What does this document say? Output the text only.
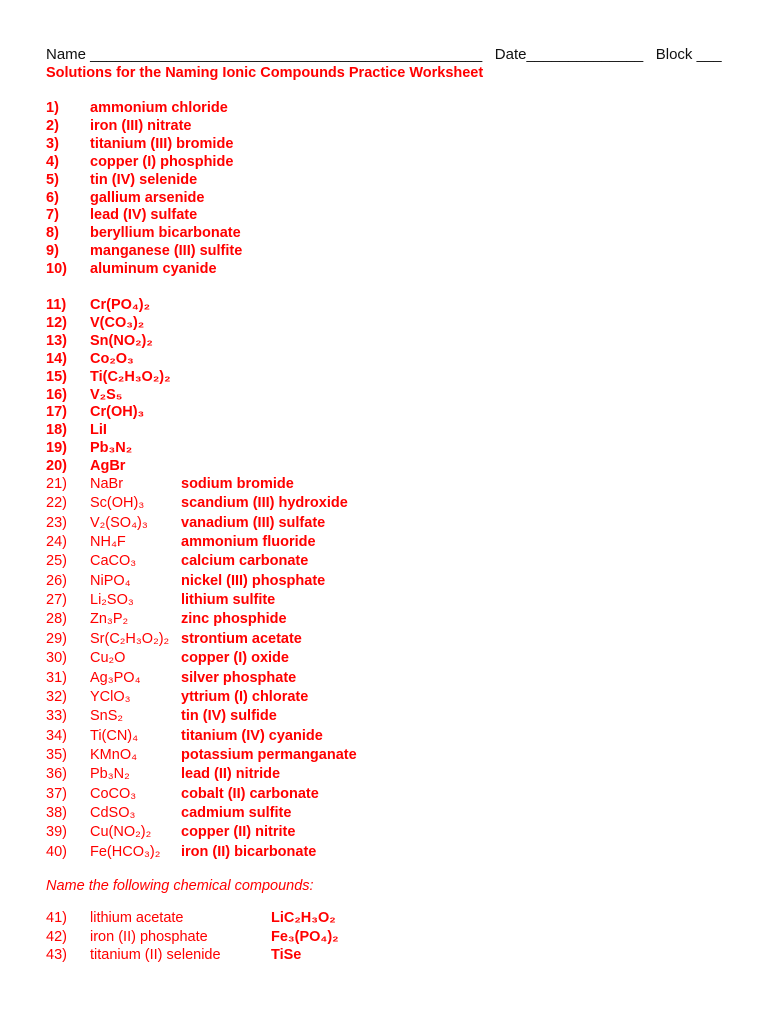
Name _______________________________________________   Date______________   Block ___
Solutions for the Naming Ionic Compounds Practice Worksheet
1) ammonium chloride
2) iron (III) nitrate
3) titanium (III) bromide
4) copper (I) phosphide
5) tin (IV) selenide
6) gallium arsenide
7) lead (IV) sulfate
8) beryllium bicarbonate
9) manganese (III) sulfite
10) aluminum cyanide
11) Cr(PO₄)₂
12) V(CO₃)₂
13) Sn(NO₂)₂
14) Co₂O₃
15) Ti(C₂H₃O₂)₂
16) V₂S₅
17) Cr(OH)₃
18) LiI
19) Pb₃N₂
20) AgBr
21) NaBr	sodium bromide
22) Sc(OH)₃	scandium (III) hydroxide
23) V₂(SO₄)₃ vanadium (III) sulfate
24) NH₄F	ammonium fluoride
25) CaCO₃	calcium carbonate
26) NiPO₄	nickel (III) phosphate
27) Li₂SO₃	lithium sulfite
28) Zn₃P₂	zinc phosphide
29) Sr(C₂H₃O₂)₂ strontium acetate
30) Cu₂O	copper (I) oxide
31) Ag₃PO₄	silver phosphate
32) YClO₃	yttrium (I) chlorate
33) SnS₂	tin (IV) sulfide
34) Ti(CN)₄	titanium (IV) cyanide
35) KMnO₄	potassium permanganate
36) Pb₃N₂	lead (II) nitride
37) CoCO₃	cobalt (II) carbonate
38) CdSO₃	cadmium sulfite
39) Cu(NO₂)₂ copper (II) nitrite
40) Fe(HCO₃)₂ iron (II) bicarbonate
41) lithium acetate	LiC₂H₃O₂
42) iron (II) phosphate	Fe₃(PO₄)₂
43) titanium (II) selenide	TiSe
Name the following chemical compounds:
